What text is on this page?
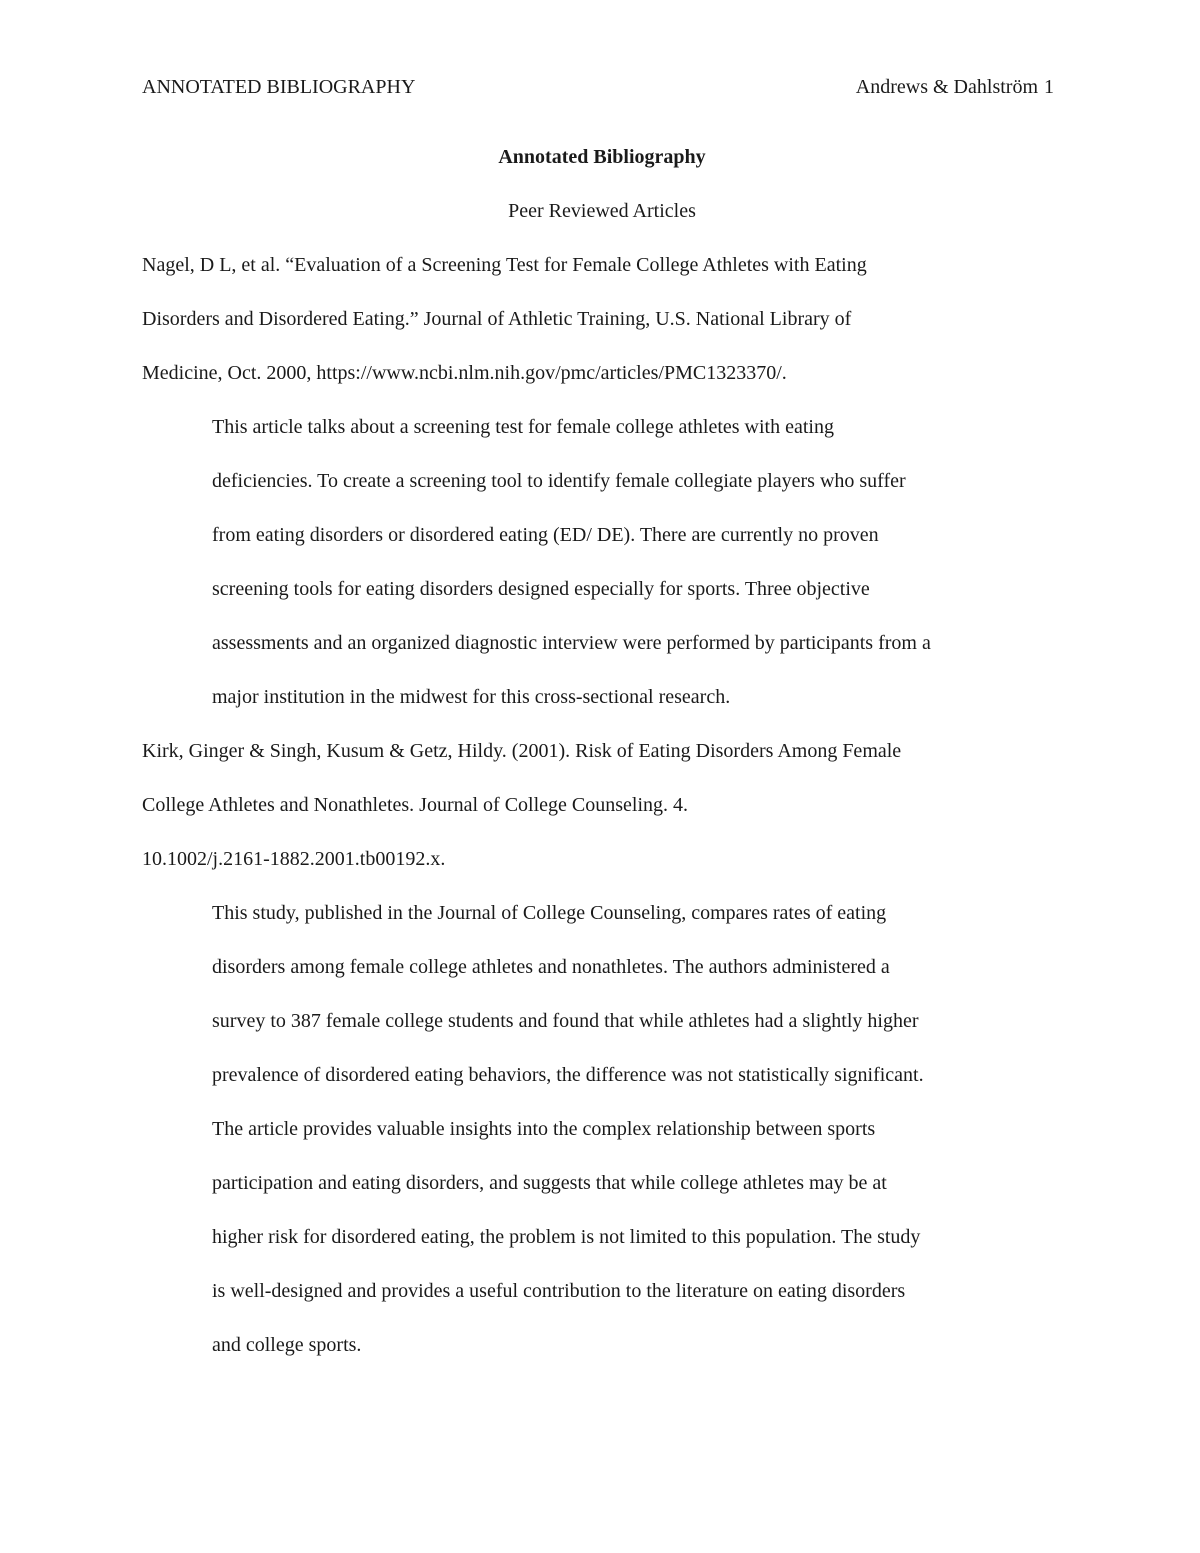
ANNOTATED BIBLIOGRAPHY	Andrews & Dahlström 1

Annotated Bibliography

Peer Reviewed Articles

Nagel, D L, et al. “Evaluation of a Screening Test for Female College Athletes with Eating
Disorders and Disordered Eating.” Journal of Athletic Training, U.S. National Library of
Medicine, Oct. 2000, https://www.ncbi.nlm.nih.gov/pmc/articles/PMC1323370/.
This article talks about a screening test for female college athletes with eating
deficiencies. To create a screening tool to identify female collegiate players who suffer
from eating disorders or disordered eating (ED/ DE). There are currently no proven
screening tools for eating disorders designed especially for sports. Three objective
assessments and an organized diagnostic interview were performed by participants from a
major institution in the midwest for this cross-sectional research.
Kirk, Ginger & Singh, Kusum & Getz, Hildy. (2001). Risk of Eating Disorders Among Female
College Athletes and Nonathletes. Journal of College Counseling. 4.
10.1002/j.2161-1882.2001.tb00192.x.
This study, published in the Journal of College Counseling, compares rates of eating
disorders among female college athletes and nonathletes. The authors administered a
survey to 387 female college students and found that while athletes had a slightly higher
prevalence of disordered eating behaviors, the difference was not statistically significant.
The article provides valuable insights into the complex relationship between sports
participation and eating disorders, and suggests that while college athletes may be at
higher risk for disordered eating, the problem is not limited to this population. The study
is well-designed and provides a useful contribution to the literature on eating disorders
and college sports.
